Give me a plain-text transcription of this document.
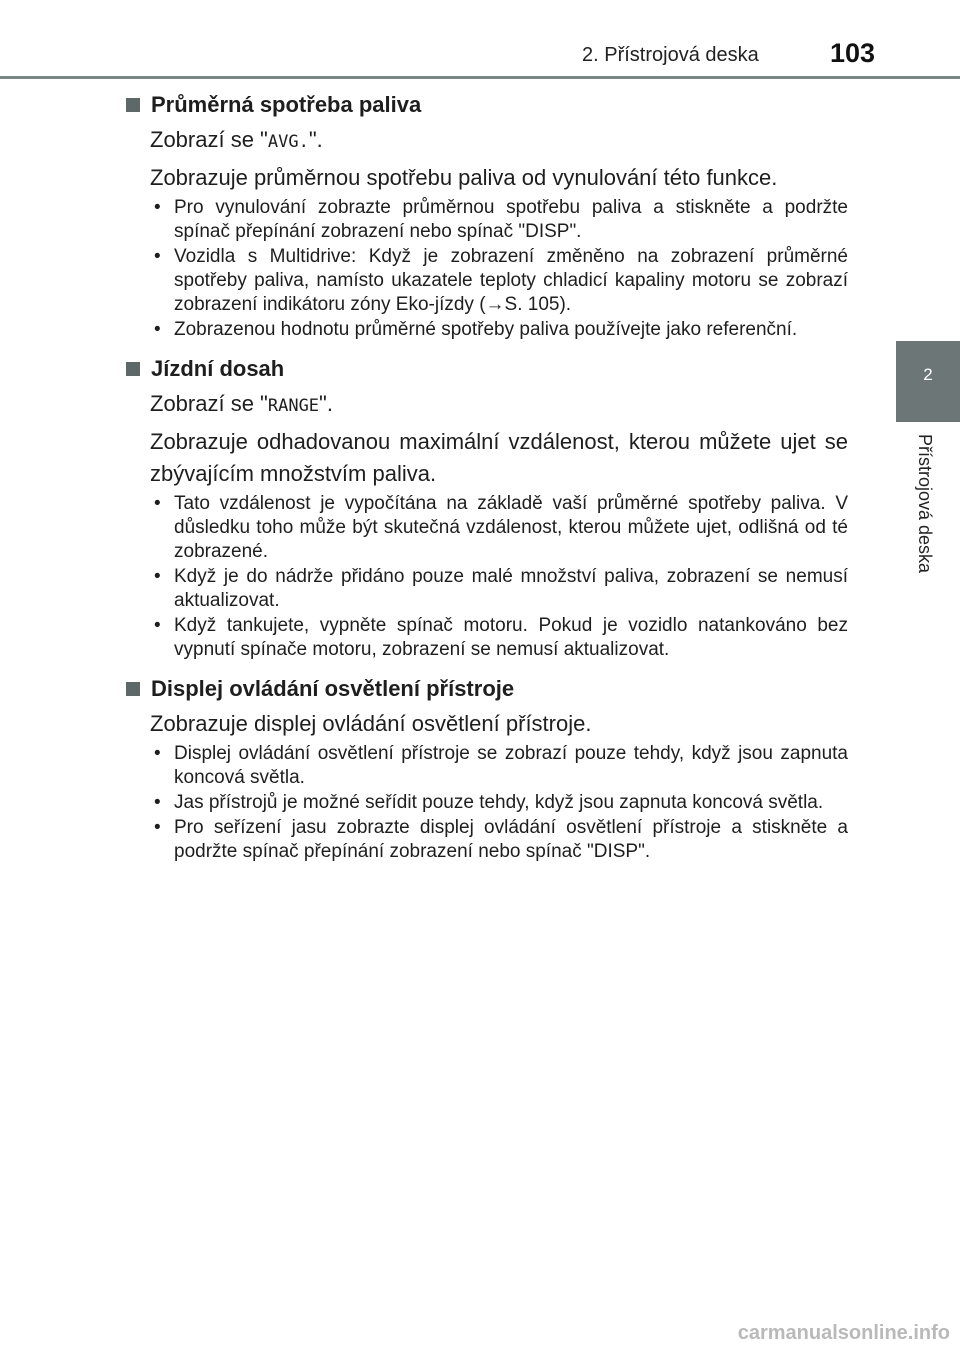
2. Přístrojová deska	103
2
Přístrojová deska
Průměrná spotřeba paliva
Zobrazí se "AVG.".
Zobrazuje průměrnou spotřebu paliva od vynulování této funkce.
• Pro vynulování zobrazte průměrnou spotřebu paliva a stiskněte a podržte spínač přepínání zobrazení nebo spínač "DISP".
• Vozidla s Multidrive: Když je zobrazení změněno na zobrazení průměrné spotřeby paliva, namísto ukazatele teploty chladicí kapaliny motoru se zobrazí zobrazení indikátoru zóny Eko-jízdy (→S. 105).
• Zobrazenou hodnotu průměrné spotřeby paliva používejte jako referenční.
Jízdní dosah
Zobrazí se "RANGE".
Zobrazuje odhadovanou maximální vzdálenost, kterou můžete ujet se zbývajícím množstvím paliva.
• Tato vzdálenost je vypočítána na základě vaší průměrné spotřeby paliva. V důsledku toho může být skutečná vzdálenost, kterou můžete ujet, odlišná od té zobrazené.
• Když je do nádrže přidáno pouze malé množství paliva, zobrazení se nemusí aktualizovat.
• Když tankujete, vypněte spínač motoru. Pokud je vozidlo natankováno bez vypnutí spínače motoru, zobrazení se nemusí aktualizovat.
Displej ovládání osvětlení přístroje
Zobrazuje displej ovládání osvětlení přístroje.
• Displej ovládání osvětlení přístroje se zobrazí pouze tehdy, když jsou zapnuta koncová světla.
• Jas přístrojů je možné seřídit pouze tehdy, když jsou zapnuta koncová světla.
• Pro seřízení jasu zobrazte displej ovládání osvětlení přístroje a stiskněte a podržte spínač přepínání zobrazení nebo spínač "DISP".
carmanualsonline.info
